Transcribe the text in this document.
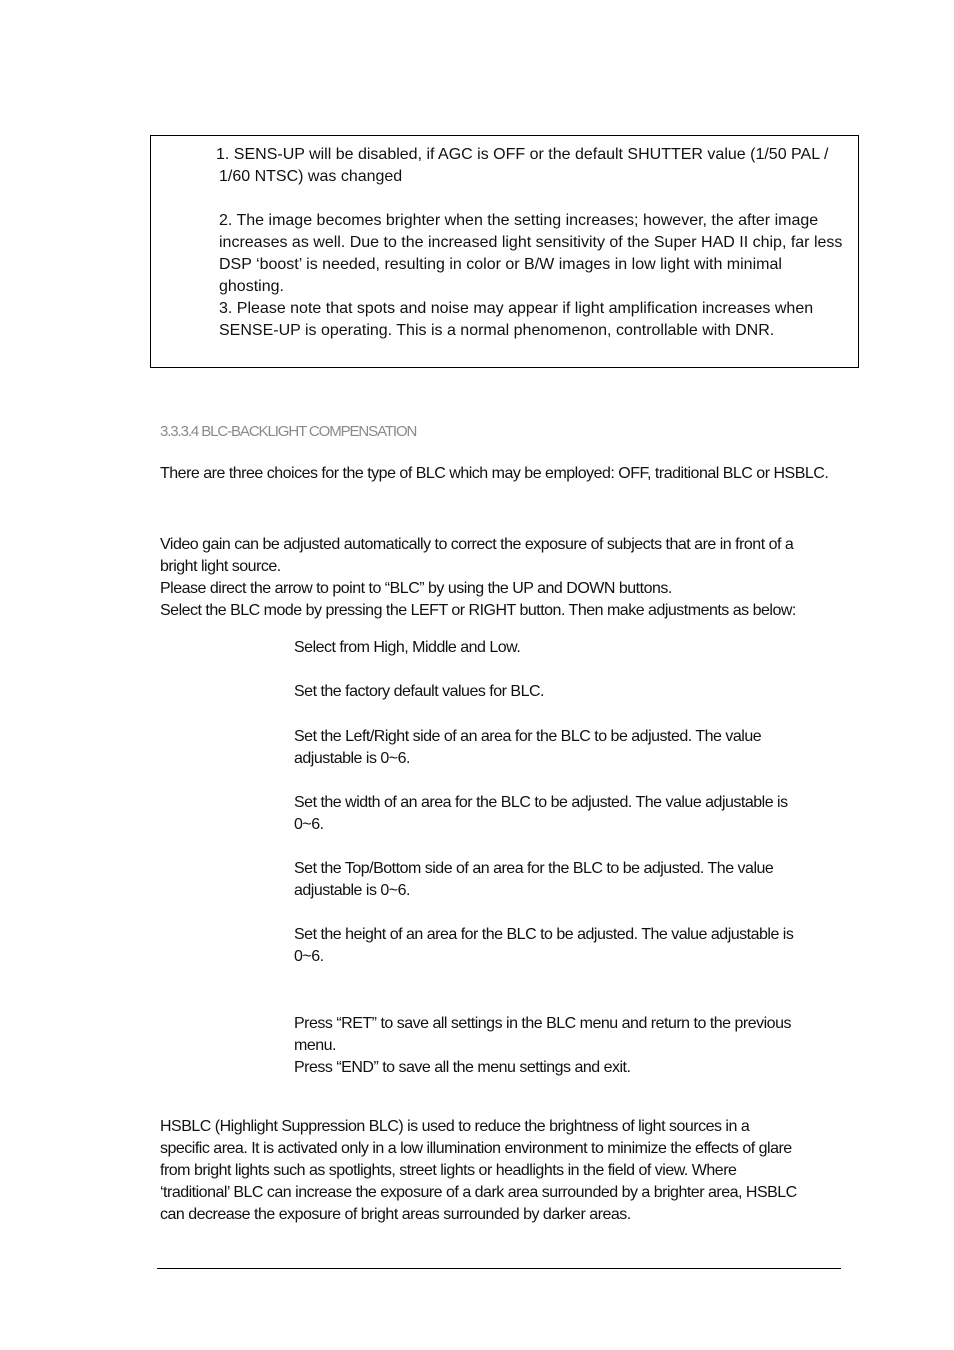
1. SENS-UP will be disabled, if AGC is OFF or the default SHUTTER value (1/50 PAL /
1/60 NTSC) was changed
2. The image becomes brighter when the setting increases; however, the after image
increases as well. Due to the increased light sensitivity of the Super HAD II chip, far less
DSP ‘boost’ is needed, resulting in color or B/W images in low light with minimal ghosting.
3. Please note that spots and noise may appear if light amplification increases when
SENSE-UP is operating. This is a normal phenomenon, controllable with DNR.
3.3.3.4 BLC-BACKLIGHT COMPENSATION
There are three choices for the type of BLC which may be employed: OFF, traditional BLC or HSBLC.
Video gain can be adjusted automatically to correct the exposure of subjects that are in front of a
bright light source.
Please direct the arrow to point to “BLC” by using the UP and DOWN buttons.
Select the BLC mode by pressing the LEFT or RIGHT button. Then make adjustments as below:
Select from High, Middle and Low.
Set the factory default values for BLC.
Set the Left/Right side of an area for the BLC to be adjusted. The value
adjustable is 0~6.
Set the width of an area for the BLC to be adjusted. The value adjustable is
0~6.
Set the Top/Bottom side of an area for the BLC to be adjusted. The value
adjustable is 0~6.
Set the height of an area for the BLC to be adjusted. The value adjustable is
0~6.
Press “RET” to save all settings in the BLC menu and return to the previous
menu.
Press “END” to save all the menu settings and exit.
HSBLC (Highlight Suppression BLC) is used to reduce the brightness of light sources in a
specific area. It is activated only in a low illumination environment to minimize the effects of glare
from bright lights such as spotlights, street lights or headlights in the field of view. Where
‘traditional’ BLC can increase the exposure of a dark area surrounded by a brighter area, HSBLC
can decrease the exposure of bright areas surrounded by darker areas.
